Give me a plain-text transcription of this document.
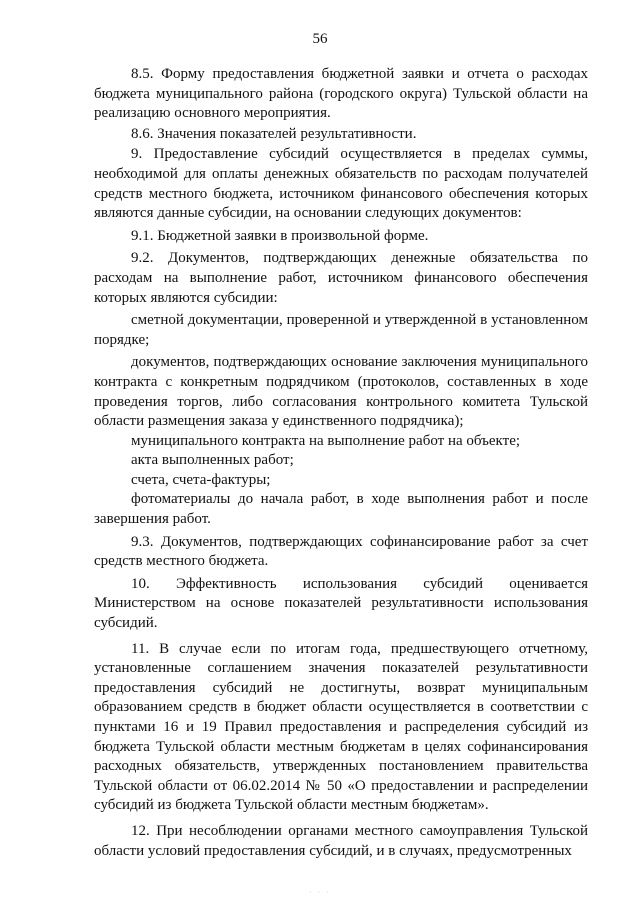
56

8.5. Форму предоставления бюджетной заявки и отчета о расходах бюджета муниципального района (городского округа) Тульской области на реализацию основного мероприятия.

8.6. Значения показателей результативности.

9. Предоставление субсидий осуществляется в пределах суммы, необходимой для оплаты денежных обязательств по расходам получателей средств местного бюджета, источником финансового обеспечения которых являются данные субсидии, на основании следующих документов:

9.1. Бюджетной заявки в произвольной форме.

9.2. Документов, подтверждающих денежные обязательства по расходам на выполнение работ, источником финансового обеспечения которых являются субсидии:

сметной документации, проверенной и утвержденной в установленном порядке;

документов, подтверждающих основание заключения муниципального контракта с конкретным подрядчиком (протоколов, составленных в ходе проведения торгов, либо согласования контрольного комитета Тульской области размещения заказа у единственного подрядчика);

муниципального контракта на выполнение работ на объекте;

акта выполненных работ;

счета, счета-фактуры;

фотоматериалы до начала работ, в ходе выполнения работ и после завершения работ.

9.3. Документов, подтверждающих софинансирование работ за счет средств местного бюджета.

10. Эффективность использования субсидий оценивается Министерством на основе показателей результативности использования субсидий.

11. В случае если по итогам года, предшествующего отчетному, установленные соглашением значения показателей результативности предоставления субсидий не достигнуты, возврат муниципальным образованием средств в бюджет области осуществляется в соответствии с пунктами 16 и 19 Правил предоставления и распределения субсидий из бюджета Тульской области местным бюджетам в целях софинансирования расходных обязательств, утвержденных постановлением правительства Тульской области от 06.02.2014 № 50 «О предоставлении и распределении субсидий из бюджета Тульской области местным бюджетам».

12. При несоблюдении органами местного самоуправления Тульской области условий предоставления субсидий, и в случаях, предусмотренных

· · ·
